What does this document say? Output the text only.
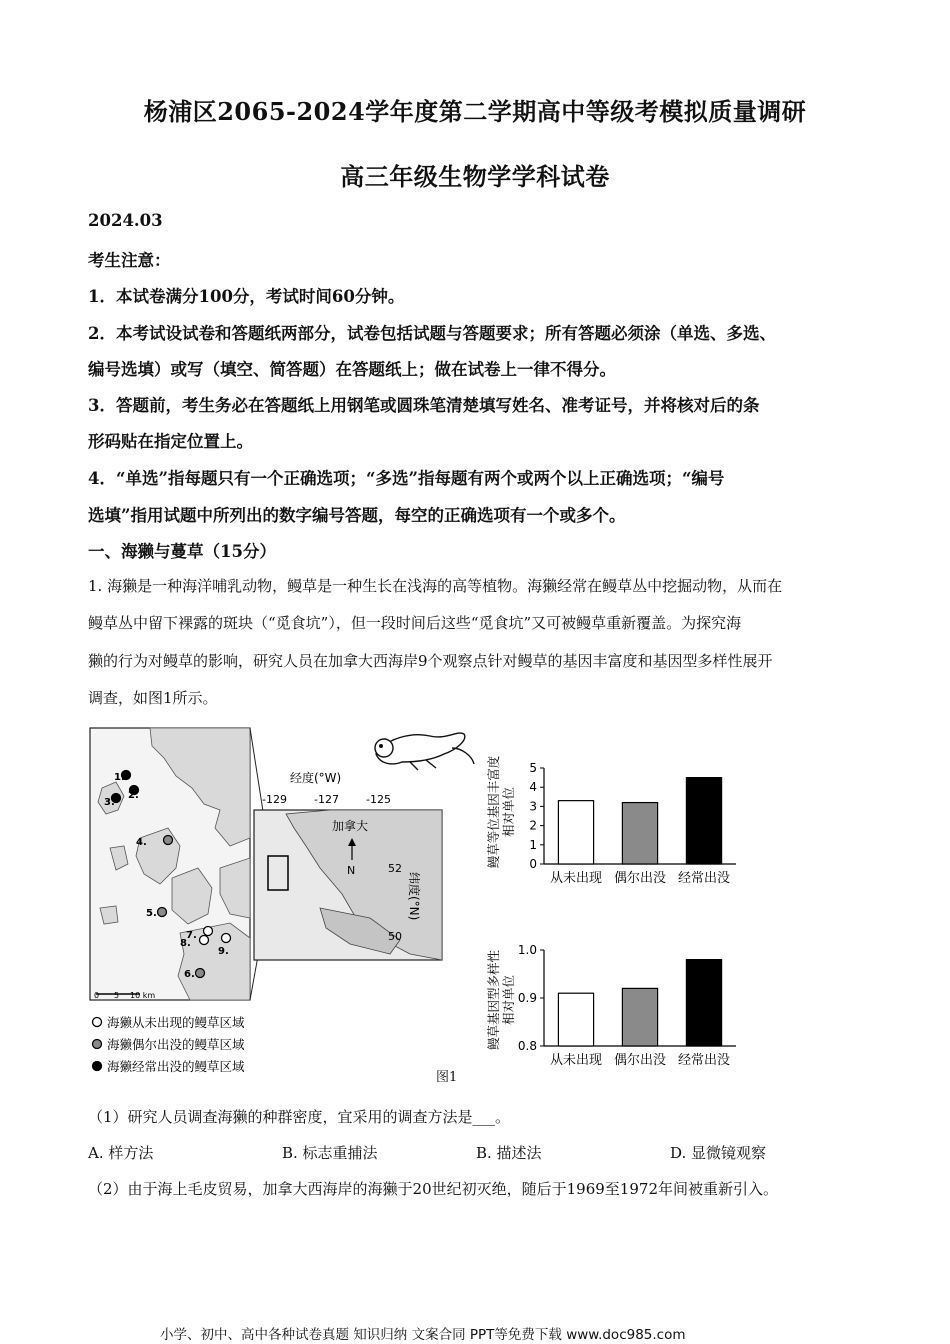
杨浦区2065-2024学年度第二学期高中等级考模拟质量调研
高三年级生物学学科试卷
2024.03
考生注意：
1．本试卷满分100分，考试时间60分钟。
2．本考试设试卷和答题纸两部分，试卷包括试题与答题要求；所有答题必须涂（单选、多选、
编号选填）或写（填空、简答题）在答题纸上；做在试卷上一律不得分。
3．答题前，考生务必在答题纸上用钢笔或圆珠笔清楚填写姓名、准考证号，并将核对后的条
形码贴在指定位置上。
4．“单选”指每题只有一个正确选项；“多选”指每题有两个或两个以上正确选项；“编号
选填”指用试题中所列出的数字编号答题，每空的正确选项有一个或多个。
一、海獭与蔓草（15分）
1. 海獭是一种海洋哺乳动物，鳗草是一种生长在浅海的高等植物。海獭经常在鳗草丛中挖掘动物，从而在
鳗草丛中留下裸露的斑块（“觅食坑”），但一段时间后这些“觅食坑”又可被鳗草重新覆盖。为探究海
獭的行为对鳗草的影响，研究人员在加拿大西海岸9个观察点针对鳗草的基因丰富度和基因型多样性展开
调查，如图1所示。
0 5 10 km
1.
2.
3.
4.
5.
6.
7.
8.
9.
-129 -127 -125
经度(°W)
加拿大
N	52
50
纬度(°N)
海獭从未出现的鳗草区域
海獭偶尔出没的鳗草区域
海獭经常出没的鳗草区域
鳗草等位基因丰富度 相对单位
0
1
2
3
4
5
从未出现 偶尔出没 经常出没
鳗草基因型多样性 相对单位
0.8
0.9
1.0
从未出现 偶尔出没 经常出没
图1
（1）研究人员调查海獭的种群密度，宜采用的调查方法是___。
A. 样方法	B. 标志重捕法	B. 描述法	D. 显微镜观察
（2）由于海上毛皮贸易，加拿大西海岸的海獭于20世纪初灭绝，随后于1969至1972年间被重新引入。
小学、初中、高中各种试卷真题 知识归纳 文案合同 PPT等免费下载 www.doc985.com
